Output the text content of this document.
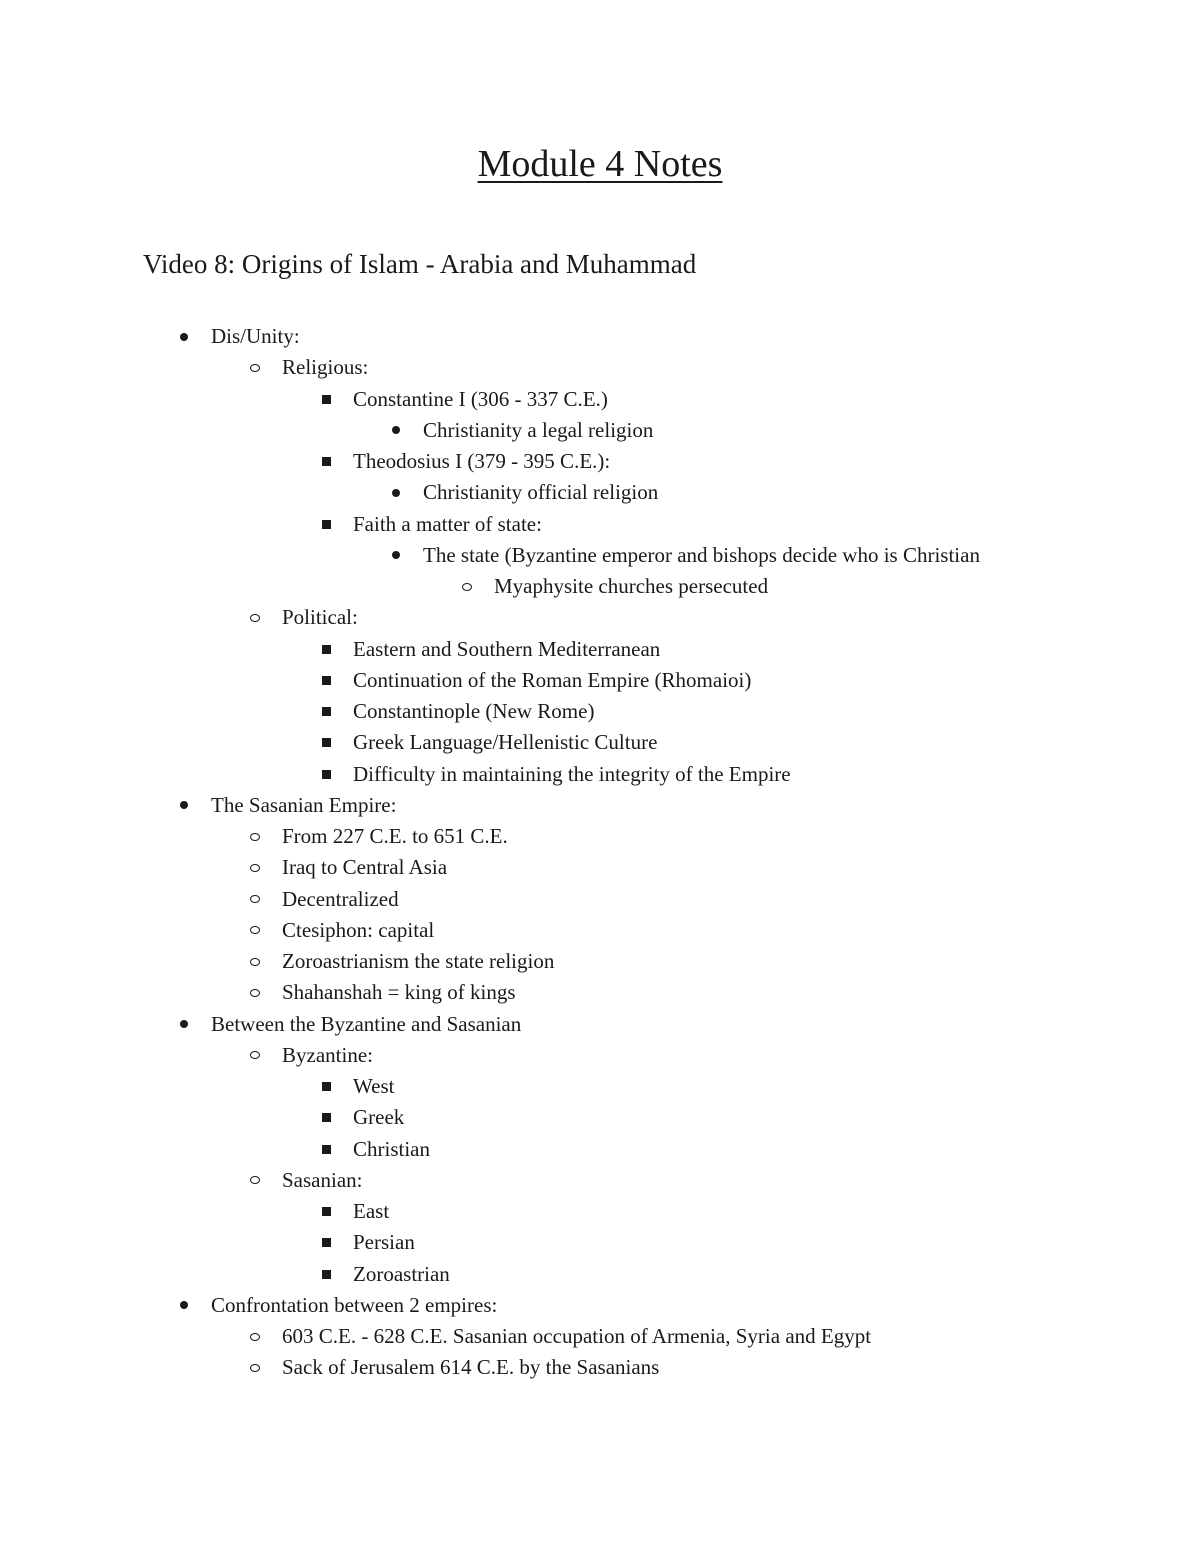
Module 4 Notes
Video 8: Origins of Islam - Arabia and Muhammad
Dis/Unity:
Religious:
Constantine I (306 - 337 C.E.)
Christianity a legal religion
Theodosius I (379 - 395 C.E.):
Christianity official religion
Faith a matter of state:
The state (Byzantine emperor and bishops decide who is Christian
Myaphysite churches persecuted
Political:
Eastern and Southern Mediterranean
Continuation of the Roman Empire (Rhomaioi)
Constantinople (New Rome)
Greek Language/Hellenistic Culture
Difficulty in maintaining the integrity of the Empire
The Sasanian Empire:
From 227 C.E. to 651 C.E.
Iraq to Central Asia
Decentralized
Ctesiphon: capital
Zoroastrianism the state religion
Shahanshah = king of kings
Between the Byzantine and Sasanian
Byzantine:
West
Greek
Christian
Sasanian:
East
Persian
Zoroastrian
Confrontation between 2 empires:
603 C.E. - 628 C.E. Sasanian occupation of Armenia, Syria and Egypt
Sack of Jerusalem 614 C.E. by the Sasanians
